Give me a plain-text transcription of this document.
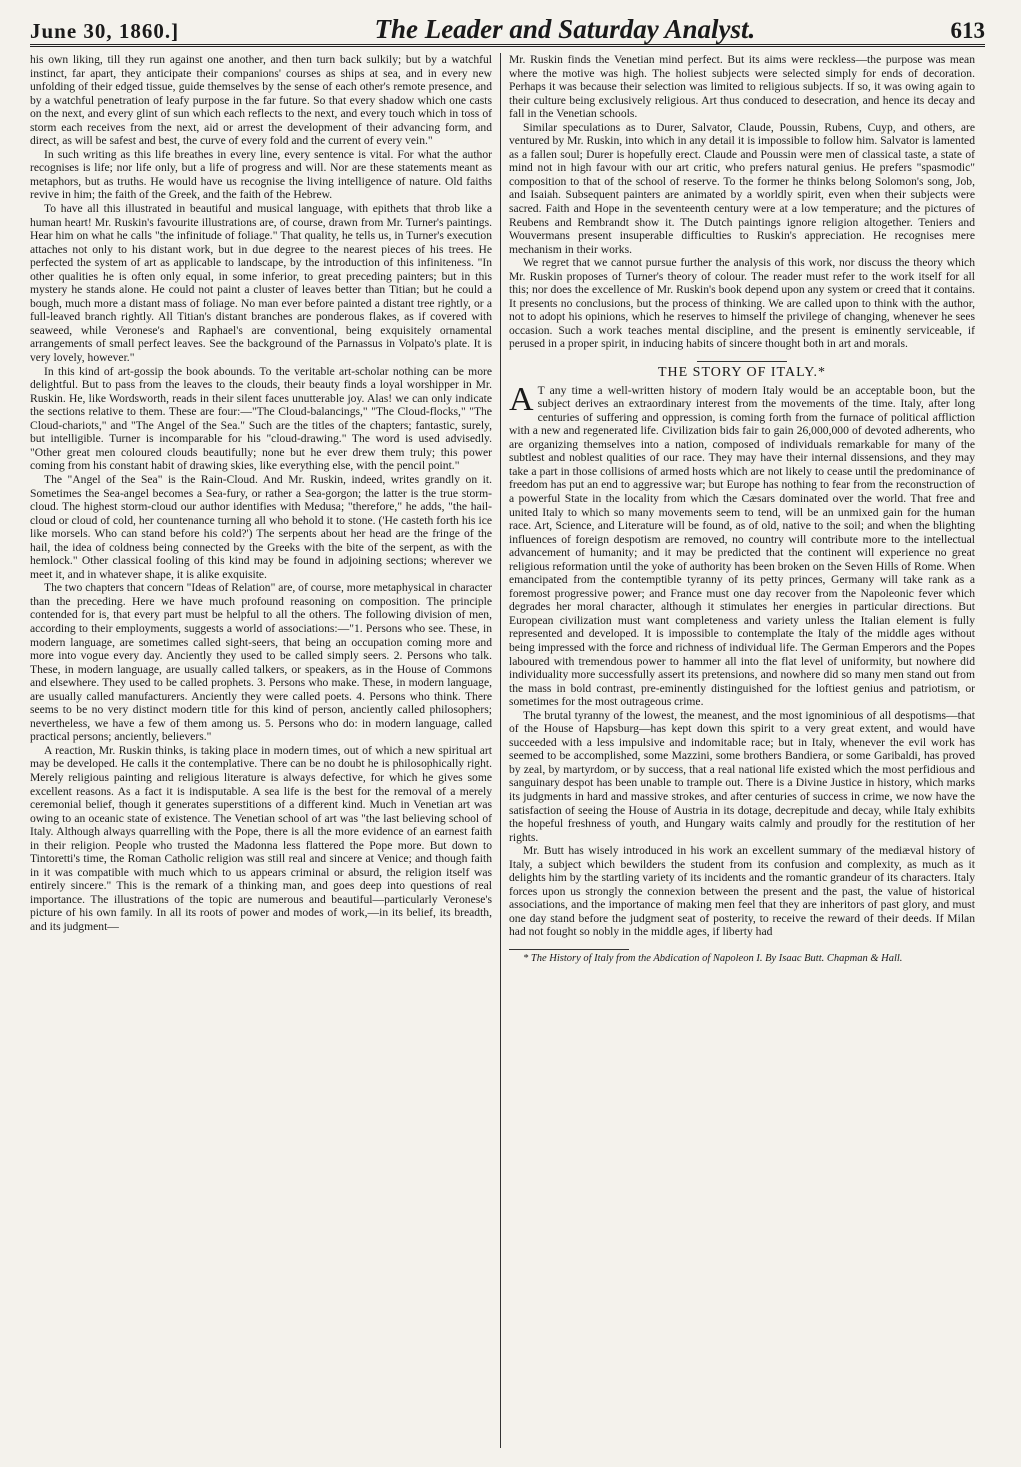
June 30, 1860.]	The Leader and Saturday Analyst.	613

his own liking, till they run against one another, and then turn back sulkily; but by a watchful instinct, far apart, they anticipate their companions' courses as ships at sea, and in every new unfolding of their edged tissue, guide themselves by the sense of each other's remote presence, and by a watchful penetration of leafy purpose in the far future. So that every shadow which one casts on the next, and every glint of sun which each reflects to the next, and every touch which in toss of storm each receives from the next, aid or arrest the development of their advancing form, and direct, as will be safest and best, the curve of every fold and the current of every vein."

In such writing as this life breathes in every line, every sentence is vital. For what the author recognises is life; nor life only, but a life of progress and will. Nor are these statements meant as metaphors, but as truths. He would have us recognise the living intelligence of nature. Old faiths revive in him; the faith of the Greek, and the faith of the Hebrew.

To have all this illustrated in beautiful and musical language, with epithets that throb like a human heart! Mr. Ruskin's favourite illustrations are, of course, drawn from Mr. Turner's paintings. Hear him on what he calls "the infinitude of foliage." That quality, he tells us, in Turner's execution attaches not only to his distant work, but in due degree to the nearest pieces of his trees. He perfected the system of art as applicable to landscape, by the introduction of this infiniteness. "In other qualities he is often only equal, in some inferior, to great preceding painters; but in this mystery he stands alone. He could not paint a cluster of leaves better than Titian; but he could a bough, much more a distant mass of foliage. No man ever before painted a distant tree rightly, or a full-leaved branch rightly. All Titian's distant branches are ponderous flakes, as if covered with seaweed, while Veronese's and Raphael's are conventional, being exquisitely ornamental arrangements of small perfect leaves. See the background of the Parnassus in Volpato's plate. It is very lovely, however."

In this kind of art-gossip the book abounds. To the veritable art-scholar nothing can be more delightful. But to pass from the leaves to the clouds, their beauty finds a loyal worshipper in Mr. Ruskin. He, like Wordsworth, reads in their silent faces unutterable joy. Alas! we can only indicate the sections relative to them. These are four:—"The Cloud-balancings," "The Cloud-flocks," "The Cloud-chariots," and "The Angel of the Sea." Such are the titles of the chapters; fantastic, surely, but intelligible. Turner is incomparable for his "cloud-drawing." The word is used advisedly. "Other great men coloured clouds beautifully; none but he ever drew them truly; this power coming from his constant habit of drawing skies, like everything else, with the pencil point."

The "Angel of the Sea" is the Rain-Cloud. And Mr. Ruskin, indeed, writes grandly on it. Sometimes the Sea-angel becomes a Sea-fury, or rather a Sea-gorgon; the latter is the true storm-cloud. The highest storm-cloud our author identifies with Medusa; "therefore," he adds, "the hail-cloud or cloud of cold, her countenance turning all who behold it to stone. ('He casteth forth his ice like morsels. Who can stand before his cold?') The serpents about her head are the fringe of the hail, the idea of coldness being connected by the Greeks with the bite of the serpent, as with the hemlock." Other classical fooling of this kind may be found in adjoining sections; wherever we meet it, and in whatever shape, it is alike exquisite.

The two chapters that concern "Ideas of Relation" are, of course, more metaphysical in character than the preceding. Here we have much profound reasoning on composition. The principle contended for is, that every part must be helpful to all the others. The following division of men, according to their employments, suggests a world of associations:—"1. Persons who see. These, in modern language, are sometimes called sight-seers, that being an occupation coming more and more into vogue every day. Anciently they used to be called simply seers. 2. Persons who talk. These, in modern language, are usually called talkers, or speakers, as in the House of Commons and elsewhere. They used to be called prophets. 3. Persons who make. These, in modern language, are usually called manufacturers. Anciently they were called poets. 4. Persons who think. There seems to be no very distinct modern title for this kind of person, anciently called philosophers; nevertheless, we have a few of them among us. 5. Persons who do: in modern language, called practical persons; anciently, believers."

A reaction, Mr. Ruskin thinks, is taking place in modern times, out of which a new spiritual art may be developed. He calls it the contemplative. There can be no doubt he is philosophically right. Merely religious painting and religious literature is always defective, for which he gives some excellent reasons. As a fact it is indisputable. A sea life is the best for the removal of a merely ceremonial belief, though it generates superstitions of a different kind. Much in Venetian art was owing to an oceanic state of existence. The Venetian school of art was "the last believing school of Italy. Although always quarrelling with the Pope, there is all the more evidence of an earnest faith in their religion. People who trusted the Madonna less flattered the Pope more. But down to Tintoretti's time, the Roman Catholic religion was still real and sincere at Venice; and though faith in it was compatible with much which to us appears criminal or absurd, the religion itself was entirely sincere." This is the remark of a thinking man, and goes deep into questions of real importance. The illustrations of the topic are numerous and beautiful—particularly Veronese's picture of his own family. In all its roots of power and modes of work,—in its belief, its breadth, and its judgment—

Mr. Ruskin finds the Venetian mind perfect. But its aims were reckless—the purpose was mean where the motive was high. The holiest subjects were selected simply for ends of decoration. Perhaps it was because their selection was limited to religious subjects. If so, it was owing again to their culture being exclusively religious. Art thus conduced to desecration, and hence its decay and fall in the Venetian schools.

Similar speculations as to Durer, Salvator, Claude, Poussin, Rubens, Cuyp, and others, are ventured by Mr. Ruskin, into which in any detail it is impossible to follow him. Salvator is lamented as a fallen soul; Durer is hopefully erect. Claude and Poussin were men of classical taste, a state of mind not in high favour with our art critic, who prefers natural genius. He prefers "spasmodic" composition to that of the school of reserve. To the former he thinks belong Solomon's song, Job, and Isaiah. Subsequent painters are animated by a worldly spirit, even when their subjects were sacred. Faith and Hope in the seventeenth century were at a low temperature; and the pictures of Reubens and Rembrandt show it. The Dutch paintings ignore religion altogether. Teniers and Wouvermans present insuperable difficulties to Ruskin's appreciation. He recognises mere mechanism in their works.

We regret that we cannot pursue further the analysis of this work, nor discuss the theory which Mr. Ruskin proposes of Turner's theory of colour. The reader must refer to the work itself for all this; nor does the excellence of Mr. Ruskin's book depend upon any system or creed that it contains. It presents no conclusions, but the process of thinking. We are called upon to think with the author, not to adopt his opinions, which he reserves to himself the privilege of changing, whenever he sees occasion. Such a work teaches mental discipline, and the present is eminently serviceable, if perused in a proper spirit, in inducing habits of sincere thought both in art and morals.

THE STORY OF ITALY.*

A T any time a well-written history of modern Italy would be an acceptable boon, but the subject derives an extraordinary interest from the movements of the time. Italy, after long centuries of suffering and oppression, is coming forth from the furnace of political affliction with a new and regenerated life. Civilization bids fair to gain 26,000,000 of devoted adherents, who are organizing themselves into a nation, composed of individuals remarkable for many of the subtlest and noblest qualities of our race. They may have their internal dissensions, and they may take a part in those collisions of armed hosts which are not likely to cease until the predominance of freedom has put an end to aggressive war; but Europe has nothing to fear from the reconstruction of a powerful State in the locality from which the Cæsars dominated over the world. That free and united Italy to which so many movements seem to tend, will be an unmixed gain for the human race. Art, Science, and Literature will be found, as of old, native to the soil; and when the blighting influences of foreign despotism are removed, no country will contribute more to the intellectual advancement of humanity; and it may be predicted that the continent will experience no great religious reformation until the yoke of authority has been broken on the Seven Hills of Rome. When emancipated from the contemptible tyranny of its petty princes, Germany will take rank as a foremost progressive power; and France must one day recover from the Napoleonic fever which degrades her moral character, although it stimulates her energies in particular directions. But European civilization must want completeness and variety unless the Italian element is fully represented and developed. It is impossible to contemplate the Italy of the middle ages without being impressed with the force and richness of individual life. The German Emperors and the Popes laboured with tremendous power to hammer all into the flat level of uniformity, but nowhere did individuality more successfully assert its pretensions, and nowhere did so many men stand out from the mass in bold contrast, pre-eminently distinguished for the loftiest genius and patriotism, or sometimes for the most outrageous crime.

The brutal tyranny of the lowest, the meanest, and the most ignominious of all despotisms—that of the House of Hapsburg—has kept down this spirit to a very great extent, and would have succeeded with a less impulsive and indomitable race; but in Italy, whenever the evil work has seemed to be accomplished, some Mazzini, some brothers Bandiera, or some Garibaldi, has proved by zeal, by martyrdom, or by success, that a real national life existed which the most perfidious and sanguinary despot has been unable to trample out. There is a Divine Justice in history, which marks its judgments in hard and massive strokes, and after centuries of success in crime, we now have the satisfaction of seeing the House of Austria in its dotage, decrepitude and decay, while Italy exhibits the hopeful freshness of youth, and Hungary waits calmly and proudly for the restitution of her rights.

Mr. Butt has wisely introduced in his work an excellent summary of the mediæval history of Italy, a subject which bewilders the student from its confusion and complexity, as much as it delights him by the startling variety of its incidents and the romantic grandeur of its characters. Italy forces upon us strongly the connexion between the present and the past, the value of historical associations, and the importance of making men feel that they are inheritors of past glory, and must one day stand before the judgment seat of posterity, to receive the reward of their deeds. If Milan had not fought so nobly in the middle ages, if liberty had

* The History of Italy from the Abdication of Napoleon I. By Isaac Butt. Chapman & Hall.
